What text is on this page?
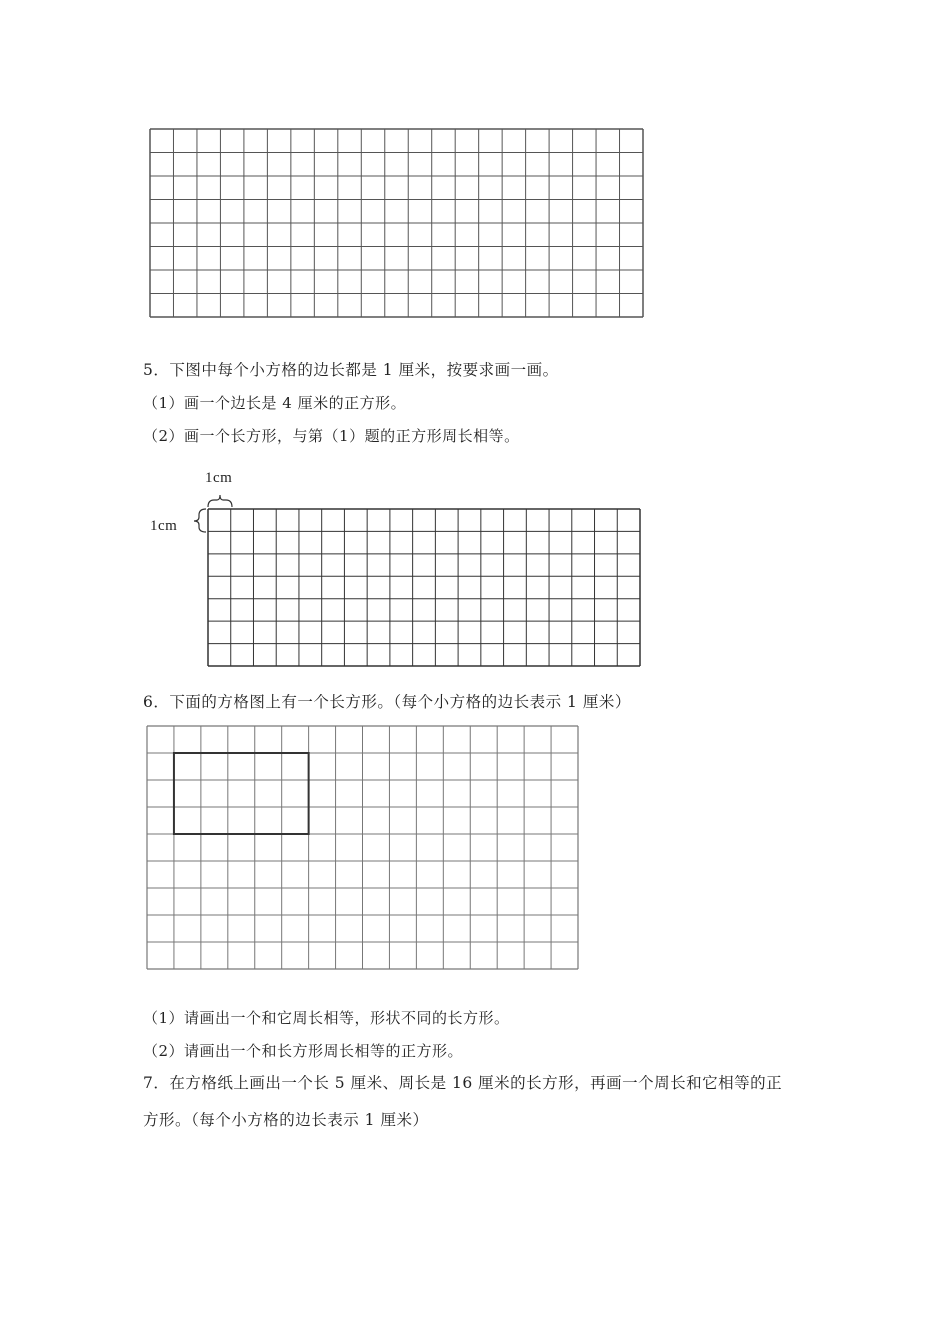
5．下图中每个小方格的边长都是 1 厘米，按要求画一画。
（1）画一个边长是 4 厘米的正方形。
（2）画一个长方形，与第（1）题的正方形周长相等。
1cm
1cm
6．下面的方格图上有一个长方形。（每个小方格的边长表示 1 厘米）
（1）请画出一个和它周长相等，形状不同的长方形。
（2）请画出一个和长方形周长相等的正方形。
7．在方格纸上画出一个长 5 厘米、周长是 16 厘米的长方形，再画一个周长和它相等的正
方形。（每个小方格的边长表示 1 厘米）
